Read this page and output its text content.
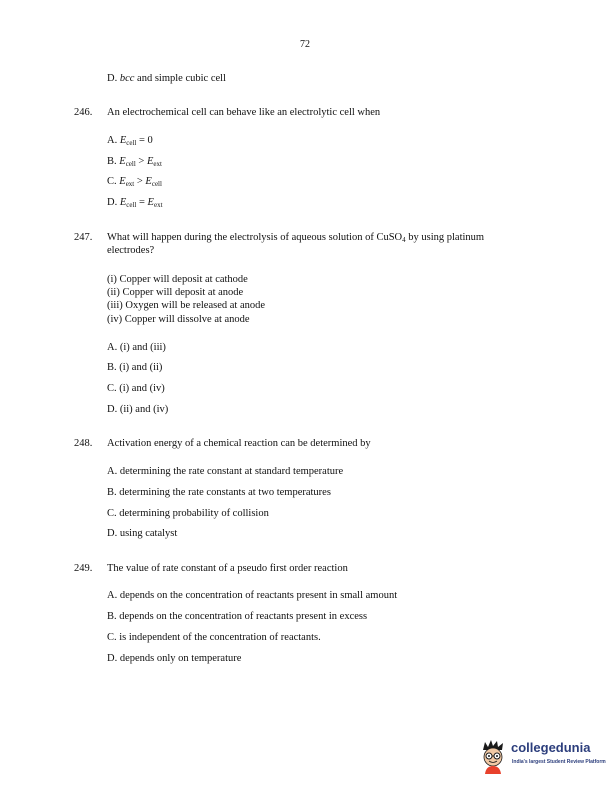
72
D. bcc and simple cubic cell
246. An electrochemical cell can behave like an electrolytic cell when
A. $E_{cell} = 0$
B. $E_{cell} > E_{ext}$
C. $E_{ext} > E_{cell}$
D. $E_{cell} = E_{ext}$
247. What will happen during the electrolysis of aqueous solution of CuSO$_4$ by using platinum
electrodes?
(i) Copper will deposit at cathode
(ii) Copper will deposit at anode
(iii) Oxygen will be released at anode
(iv) Copper will dissolve at anode
A. (i) and (iii)
B. (i) and (ii)
C. (i) and (iv)
D. (ii) and (iv)
248. Activation energy of a chemical reaction can be determined by
A. determining the rate constant at standard temperature
B. determining the rate constants at two temperatures
C. determining probability of collision
D. using catalyst
249. The value of rate constant of a pseudo first order reaction
A. depends on the concentration of reactants present in small amount
B. depends on the concentration of reactants present in excess
C. is independent of the concentration of reactants.
D. depends only on temperature
collegedunia
India's largest Student Review Platform
